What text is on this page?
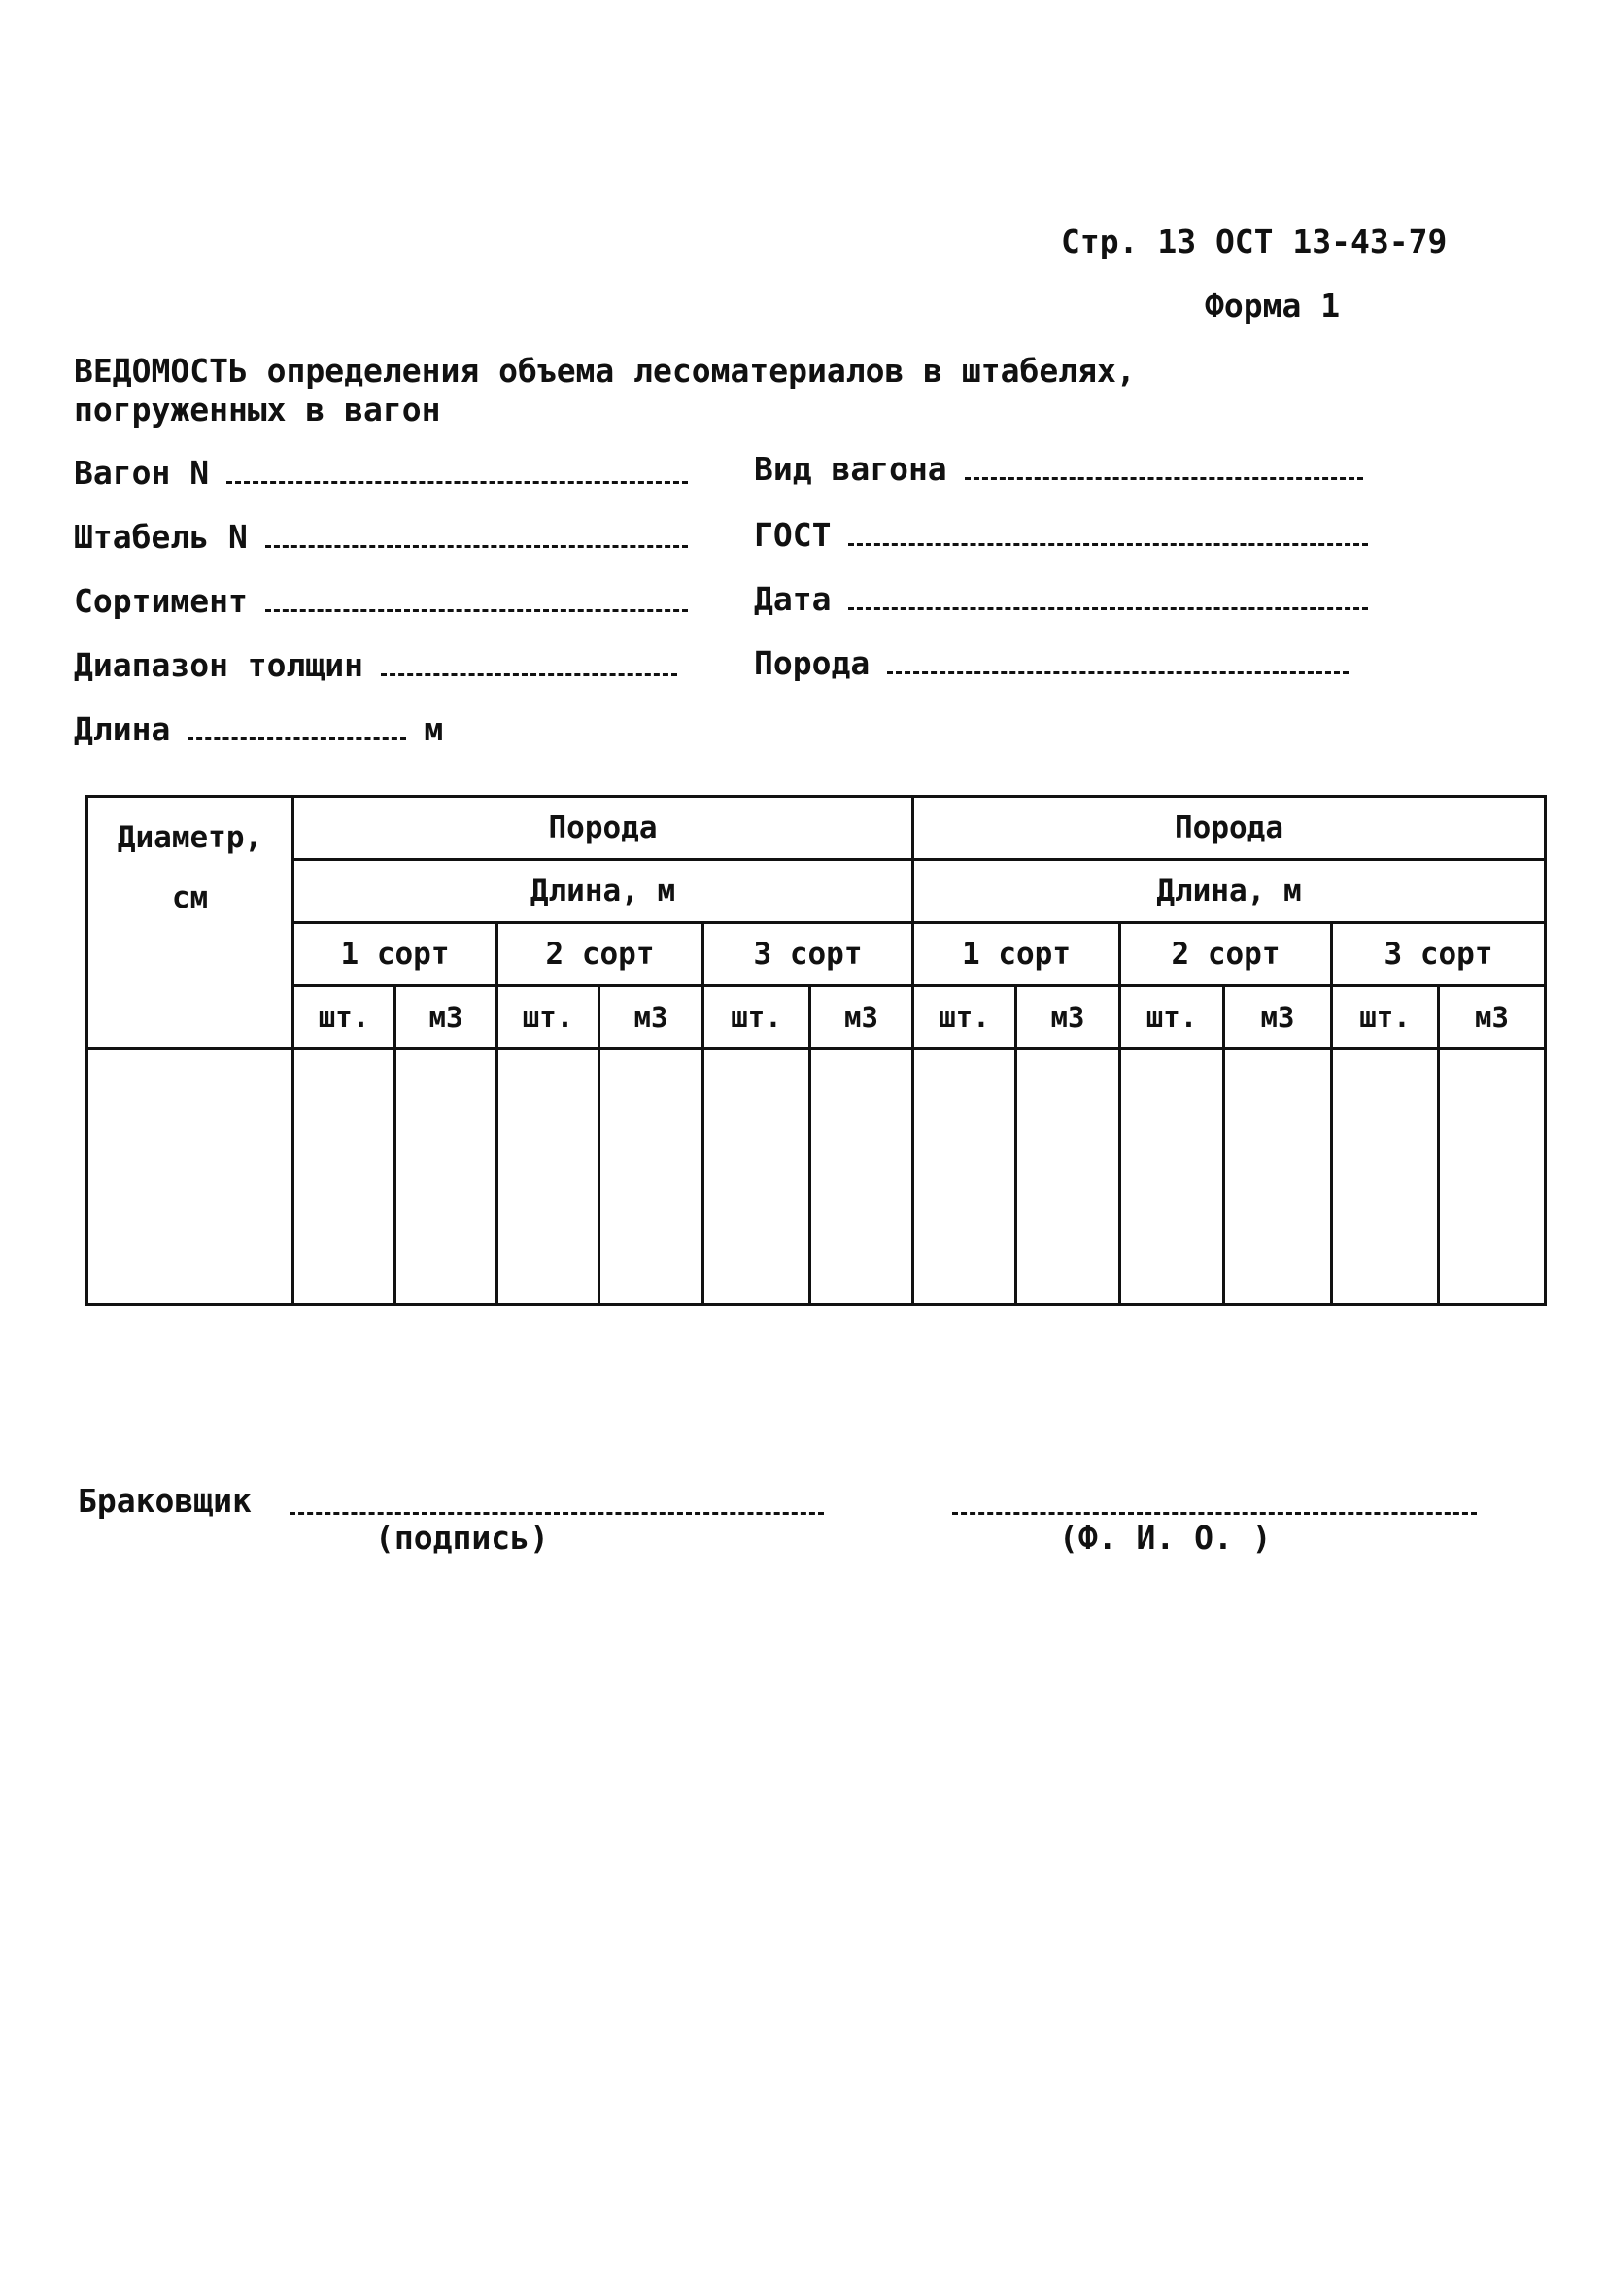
Стр. 13 ОСТ 13-43-79
Форма 1
ВЕДОМОСТЬ определения объема лесоматериалов в штабелях,
погруженных в вагон
Вагон N
Штабель N
Сортимент
Диапазон толщин
Длина	м
Вид вагона
ГОСТ
Дата
Порода
Диаметр,
см	Порода						Порода					
	Длина, м						Длина, м					
	1 сорт		2 сорт		3 сорт		1 сорт		2 сорт		3 сорт	
	шт.	м3	шт.	м3	шт.	м3	шт.	м3	шт.	м3	шт.	м3

Браковщик
(подпись)	(Ф. И. О. )
